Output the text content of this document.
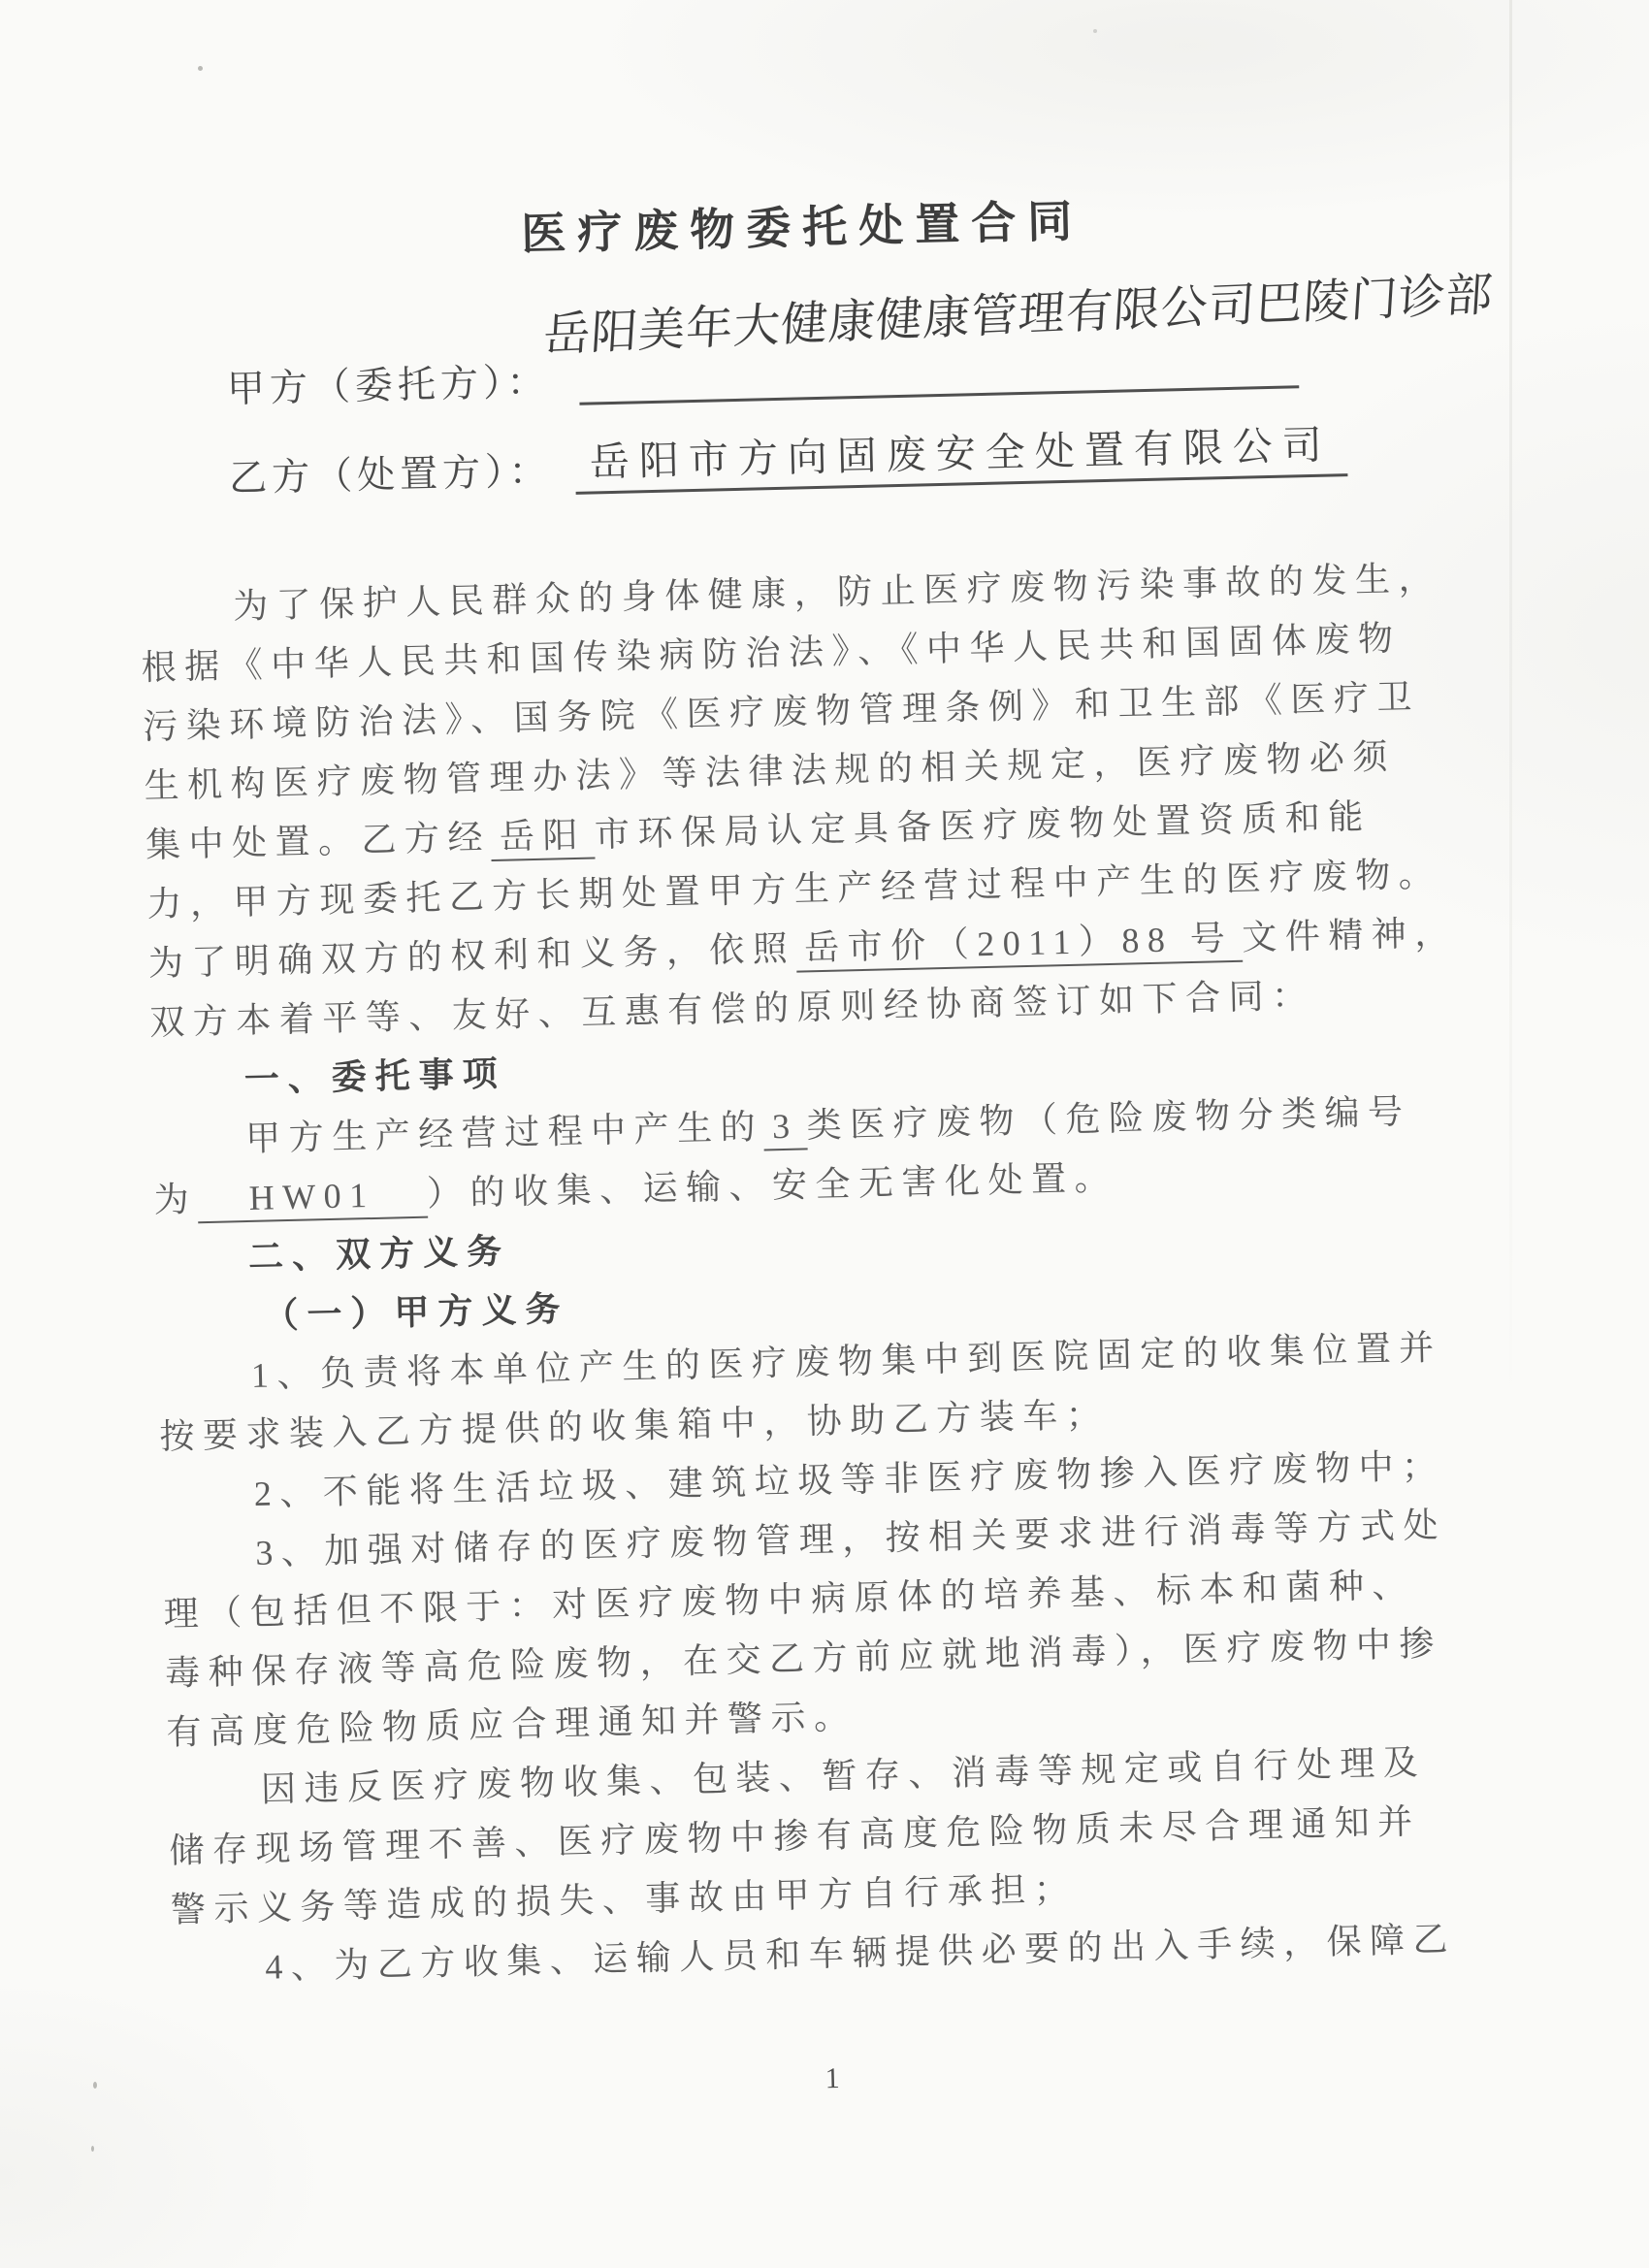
医疗废物委托处置合同
甲方（委托方）：
岳阳美年大健康健康管理有限公司巴陵门诊部
乙方（处置方）： 岳阳市方向固废安全处置有限公司
为了保护人民群众的身体健康，防止医疗废物污染事故的发生，
根据《中华人民共和国传染病防治法》、《中华人民共和国固体废物
污染环境防治法》、国务院《医疗废物管理条例》和卫生部《医疗卫
生机构医疗废物管理办法》等法律法规的相关规定，医疗废物必须
集中处置。乙方经 岳阳 市环保局认定具备医疗废物处置资质和能
力，甲方现委托乙方长期处置甲方生产经营过程中产生的医疗废物。
为了明确双方的权利和义务，依照 岳市价（2011）88 号 文件精神，
双方本着平等、友好、互惠有偿的原则经协商签订如下合同：
一、委托事项
甲方生产经营过程中产生的 3 类医疗废物（危险废物分类编号
为　HW01　）的收集、运输、安全无害化处置。
二、双方义务
（一）甲方义务
1、负责将本单位产生的医疗废物集中到医院固定的收集位置并
按要求装入乙方提供的收集箱中，协助乙方装车；
2、不能将生活垃圾、建筑垃圾等非医疗废物掺入医疗废物中；
3、加强对储存的医疗废物管理，按相关要求进行消毒等方式处
理（包括但不限于：对医疗废物中病原体的培养基、标本和菌种、
毒种保存液等高危险废物，在交乙方前应就地消毒），医疗废物中掺
有高度危险物质应合理通知并警示。
因违反医疗废物收集、包装、暂存、消毒等规定或自行处理及
储存现场管理不善、医疗废物中掺有高度危险物质未尽合理通知并
警示义务等造成的损失、事故由甲方自行承担；
4、为乙方收集、运输人员和车辆提供必要的出入手续，保障乙
1
